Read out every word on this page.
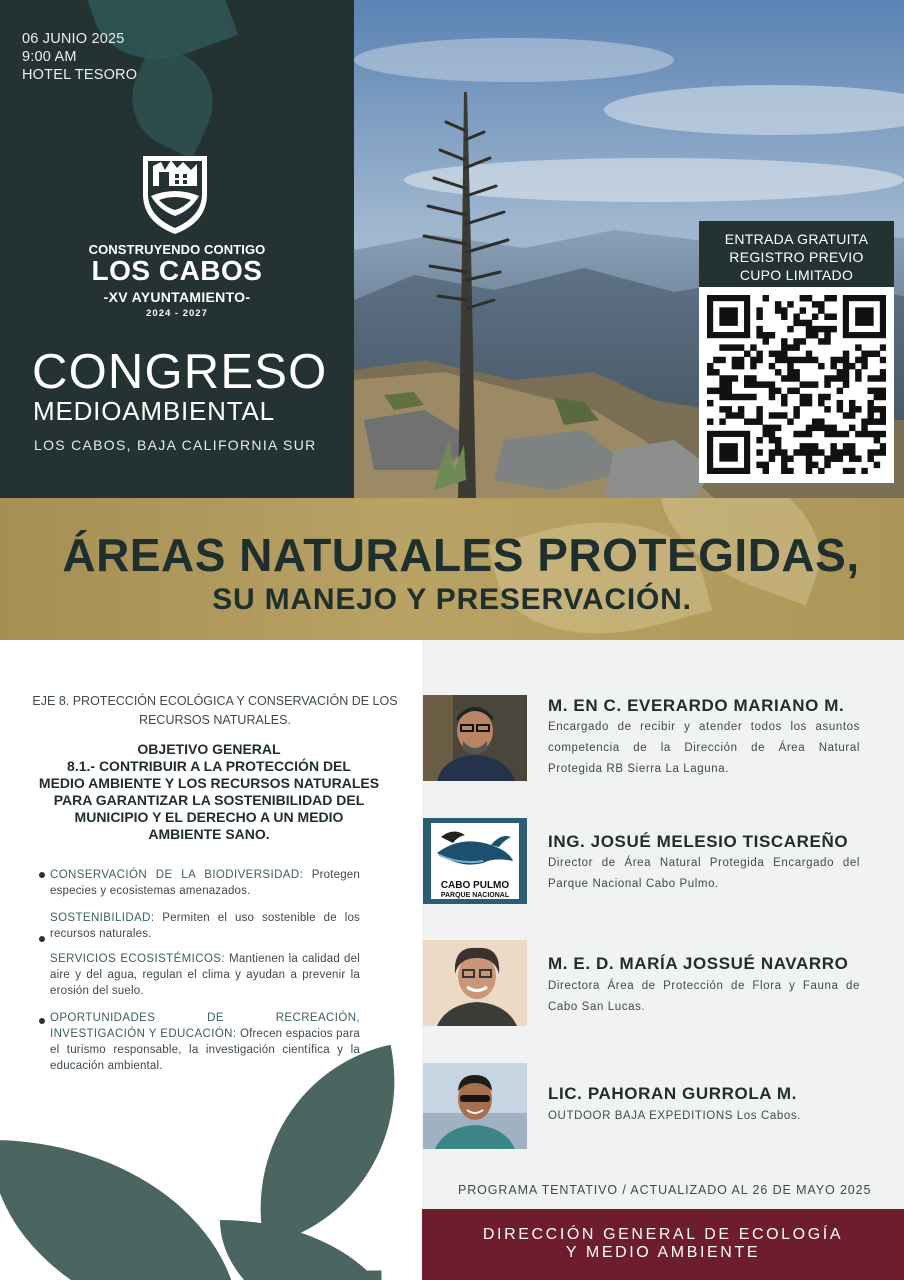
06 JUNIO 2025
9:00 AM
HOTEL TESORO
CONSTRUYENDO CONTIGO
LOS CABOS
-XV AYUNTAMIENTO-
2024 - 2027
CONGRESO
MEDIOAMBIENTAL
LOS CABOS, BAJA CALIFORNIA SUR
ENTRADA GRATUITA
REGISTRO PREVIO
CUPO LIMITADO
ÁREAS NATURALES PROTEGIDAS,
SU MANEJO Y PRESERVACIÓN.
EJE 8. PROTECCIÓN ECOLÓGICA Y CONSERVACIÓN DE LOS
RECURSOS NATURALES.
OBJETIVO GENERAL
8.1.- CONTRIBUIR A LA PROTECCIÓN DEL
MEDIO AMBIENTE Y LOS RECURSOS NATURALES
PARA GARANTIZAR LA SOSTENIBILIDAD DEL
MUNICIPIO Y EL DERECHO A UN MEDIO
AMBIENTE SANO.
CONSERVACIÓN DE LA BIODIVERSIDAD: Protegen especies y ecosistemas amenazados.
SOSTENIBILIDAD: Permiten el uso sostenible de los recursos naturales.
SERVICIOS ECOSISTÉMICOS: Mantienen la calidad del aire y del agua, regulan el clima y ayudan a prevenir la erosión del suelo.
OPORTUNIDADES DE RECREACIÓN, INVESTIGACIÓN Y EDUCACIÓN: Ofrecen espacios para el turismo responsable, la investigación científica y la educación ambiental.
M. EN C. EVERARDO MARIANO M.
Encargado de recibir y atender todos los asuntos competencia de la Dirección de Área Natural Protegida RB Sierra La Laguna.
CABO PULMO
PARQUE NACIONAL
ING. JOSUÉ MELESIO TISCAREÑO
Director de Área Natural Protegida Encargado del Parque Nacional Cabo Pulmo.
M. E. D. MARÍA JOSSUÉ NAVARRO
Directora Área de Protección de Flora y Fauna de Cabo San Lucas.
LIC. PAHORAN GURROLA M.
OUTDOOR BAJA EXPEDITIONS Los Cabos.
PROGRAMA TENTATIVO / ACTUALIZADO AL 26 DE MAYO 2025
DIRECCIÓN GENERAL DE ECOLOGÍA
Y MEDIO AMBIENTE
